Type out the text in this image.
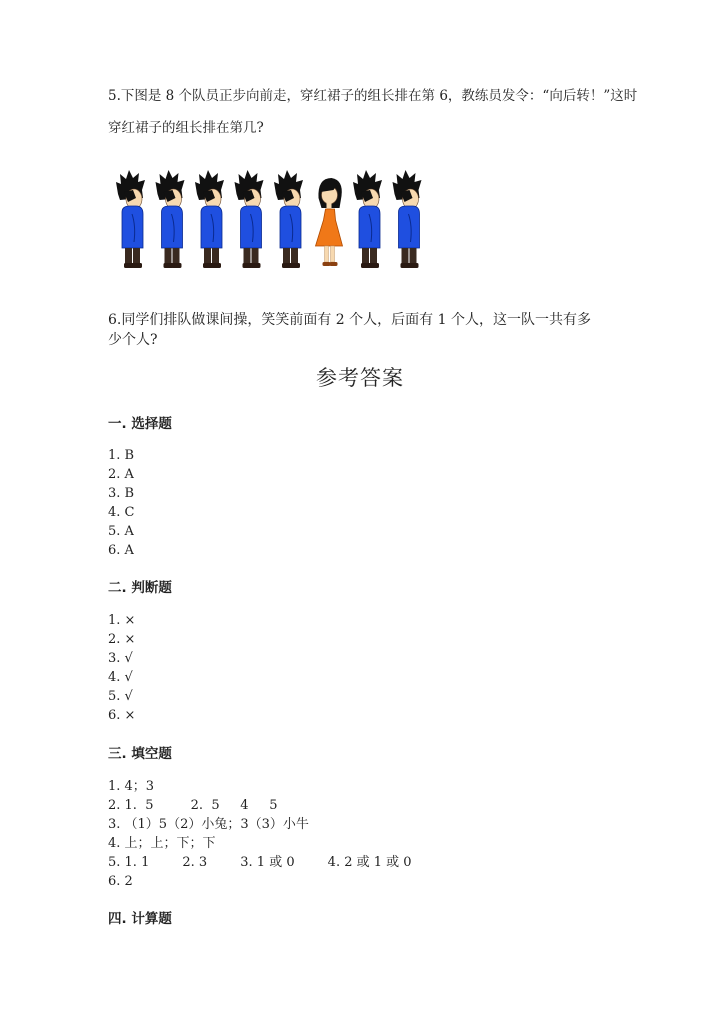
5.下图是 8 个队员正步向前走，穿红裙子的组长排在第 6，教练员发令：“向后转！”这时
穿红裙子的组长排在第几?
6.同学们排队做课间操，笑笑前面有 2 个人，后面有 1 个人，这一队一共有多
少个人?
参考答案
一. 选择题
1. B
2. A
3. B
4. C
5. A
6. A
二. 判断题
1. ×
2. ×
3. √
4. √
5. √
6. ×
三. 填空题
1. 4；3
2. 1.  5         2.  5     4     5
3. （1）5（2）小兔；3（3）小牛
4. 上；上；下；下
5. 1. 1        2. 3        3. 1 或 0        4. 2 或 1 或 0
6. 2
四. 计算题
